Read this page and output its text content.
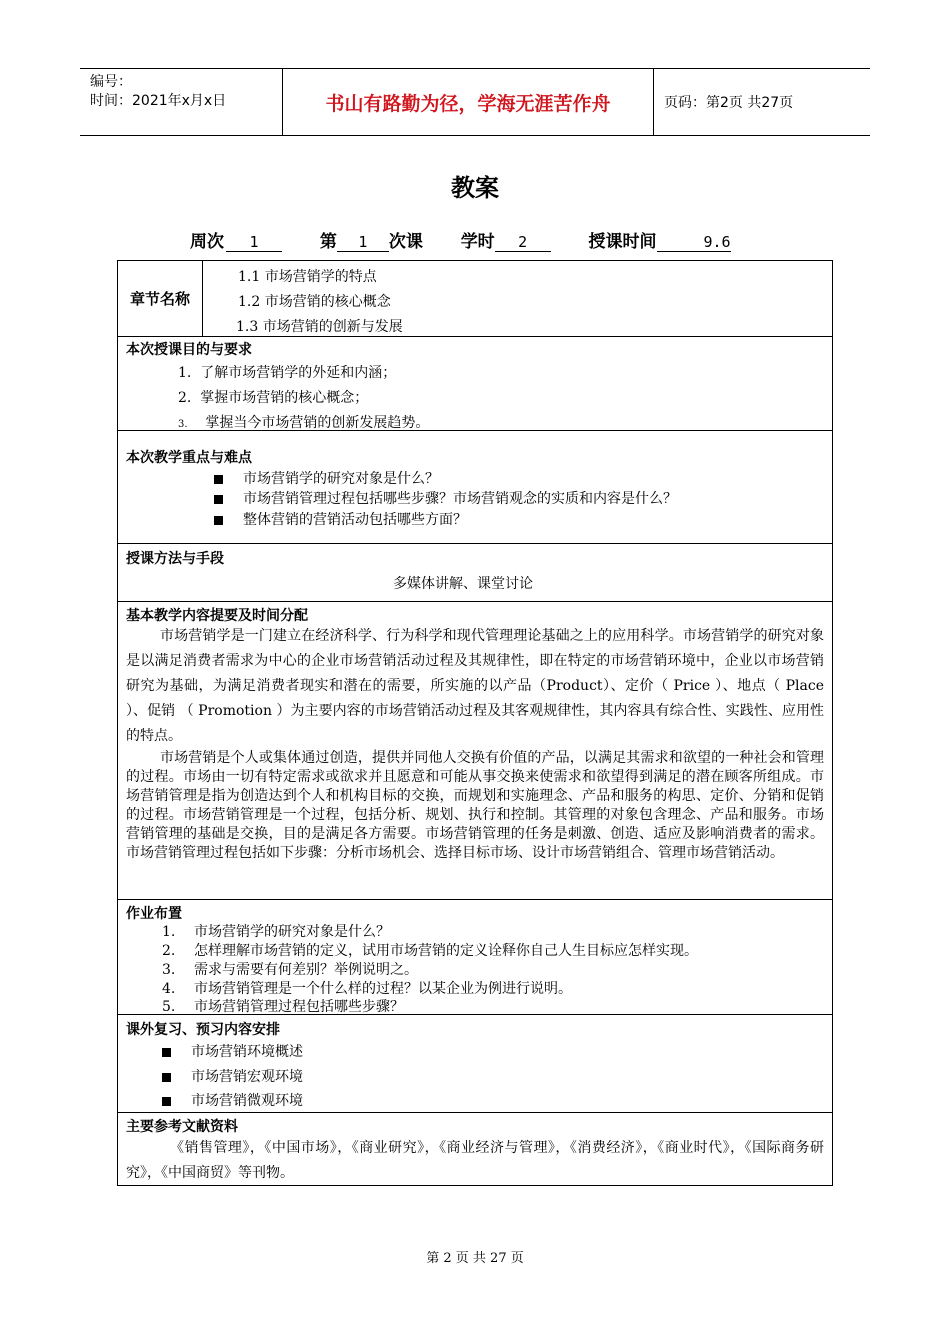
编号：
时间：2021年x月x日	书山有路勤为径，学海无涯苦作舟	页码：第2页 共27页
教案
周次 1	第 1 次课 学时 2	授课时间	9.6
章节名称
1.1 市场营销学的特点
1.2 市场营销的核心概念
1.3 市场营销的创新与发展
本次授课目的与要求
1. 了解市场营销学的外延和内涵；
2. 掌握市场营销的核心概念；
3. 掌握当今市场营销的创新发展趋势。
本次教学重点与难点
市场营销学的研究对象是什么？
市场营销管理过程包括哪些步骤？市场营销观念的实质和内容是什么？
整体营销的营销活动包括哪些方面？
授课方法与手段
多媒体讲解、课堂讨论
基本教学内容提要及时间分配
市场营销学是一门建立在经济科学、行为科学和现代管理理论基础之上的应用科学。市场营销学的研究对象是以满足消费者需求为中心的企业市场营销活动过程及其规律性，即在特定的市场营销环境中，企业以市场营销研究为基础，为满足消费者现实和潜在的需要，所实施的以产品（Product）、定价（ Price ）、地点（ Place ）、促销 （ Promotion ）为主要内容的市场营销活动过程及其客观规律性，其内容具有综合性、实践性、应用性的特点。
市场营销是个人或集体通过创造，提供并同他人交换有价值的产品，以满足其需求和欲望的一种社会和管理的过程。市场由一切有特定需求或欲求并且愿意和可能从事交换来使需求和欲望得到满足的潜在顾客所组成。市场营销管理是指为创造达到个人和机构目标的交换，而规划和实施理念、产品和服务的构思、定价、分销和促销的过程。市场营销管理是一个过程，包括分析、规划、执行和控制。其管理的对象包含理念、产品和服务。市场营销管理的基础是交换，目的是满足各方需要。市场营销管理的任务是刺激、创造、适应及影响消费者的需求。市场营销管理过程包括如下步骤：分析市场机会、选择目标市场、设计市场营销组合、管理市场营销活动。
作业布置
1. 市场营销学的研究对象是什么？
2. 怎样理解市场营销的定义，试用市场营销的定义诠释你自己人生目标应怎样实现。
3. 需求与需要有何差别？举例说明之。
4. 市场营销管理是一个什么样的过程？以某企业为例进行说明。
5. 市场营销管理过程包括哪些步骤？
课外复习、预习内容安排
市场营销环境概述
市场营销宏观环境
市场营销微观环境
主要参考文献资料
《销售管理》，《中国市场》，《商业研究》，《商业经济与管理》，《消费经济》，《商业时代》，《国际商务研究》，《中国商贸》等刊物。
第 2 页 共 27 页
